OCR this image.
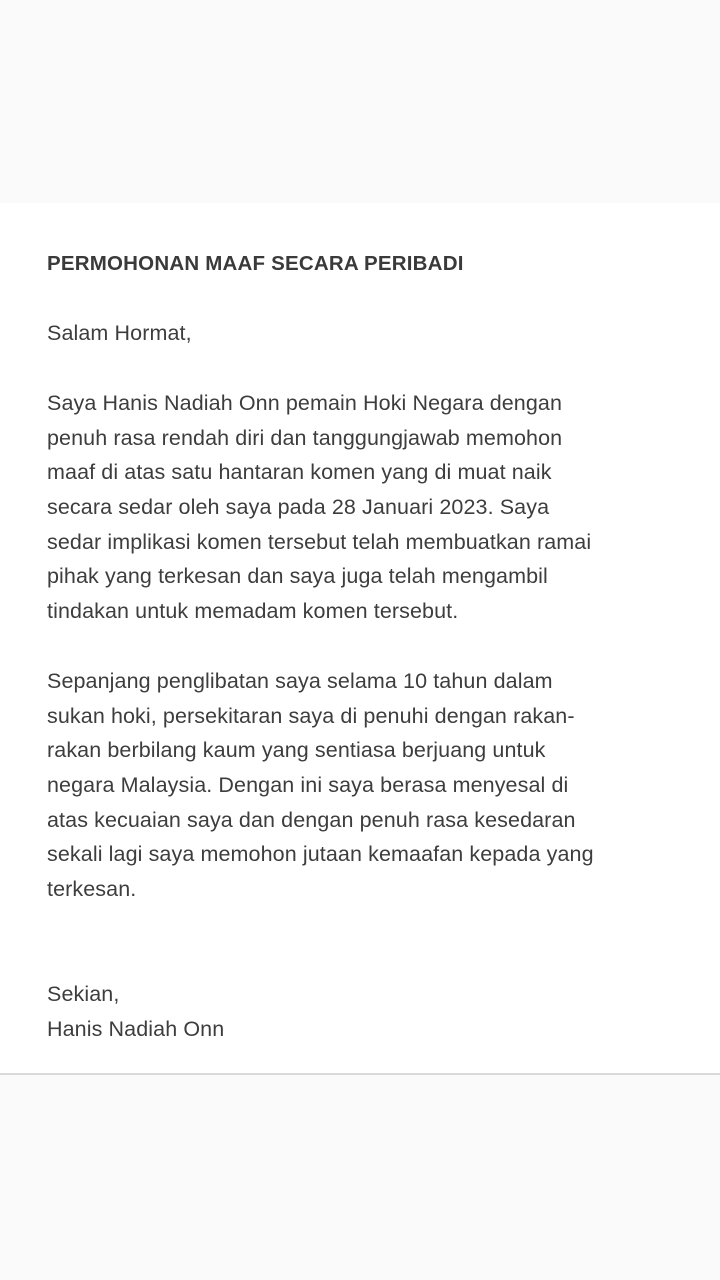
PERMOHONAN MAAF SECARA PERIBADI

Salam Hormat,

Saya Hanis Nadiah Onn pemain Hoki Negara dengan

penuh rasa rendah diri dan tanggungjawab memohon

maaf di atas satu hantaran komen yang di muat naik

secara sedar oleh saya pada 28 Januari 2023. Saya

sedar implikasi komen tersebut telah membuatkan ramai

pihak yang terkesan dan saya juga telah mengambil

tindakan untuk memadam komen tersebut.

Sepanjang penglibatan saya selama 10 tahun dalam

sukan hoki, persekitaran saya di penuhi dengan rakan-

rakan berbilang kaum yang sentiasa berjuang untuk

negara Malaysia. Dengan ini saya berasa menyesal di

atas kecuaian saya dan dengan penuh rasa kesedaran

sekali lagi saya memohon jutaan kemaafan kepada yang

terkesan.

Sekian,

Hanis Nadiah Onn
